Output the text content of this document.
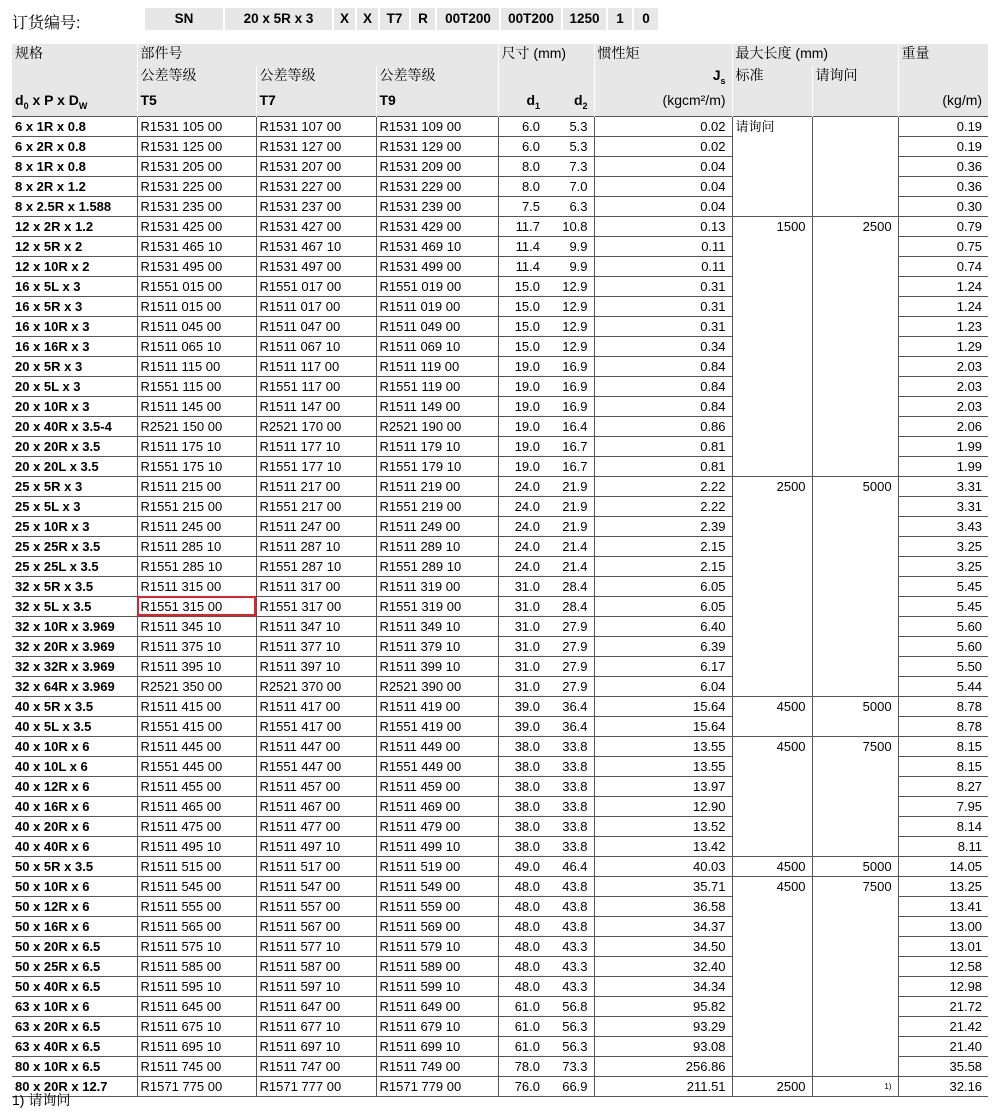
订货编号:	SN	20 x 5R x 3	X	X	T7	R	00T200	00T200	1250	1	0
规格	部件号			尺寸 (mm)		惯性矩	最大长度 (mm)		重量
	公差等级	公差等级	公差等级			$J_s$	标准	请询问	
$d_0$ x P x $D_W$	T5	T7	T9	$d_1$	$d_2$	(kgcm²/m)			(kg/m)
6 x 1R x 0.8	R1531 105 00	R1531 107 00	R1531 109 00	6.0	5.3	0.02	请询问		0.19
6 x 2R x 0.8	R1531 125 00	R1531 127 00	R1531 129 00	6.0	5.3	0.02			0.19
8 x 1R x 0.8	R1531 205 00	R1531 207 00	R1531 209 00	8.0	7.3	0.04			0.36
8 x 2R x 1.2	R1531 225 00	R1531 227 00	R1531 229 00	8.0	7.0	0.04			0.36
8 x 2.5R x 1.588	R1531 235 00	R1531 237 00	R1531 239 00	7.5	6.3	0.04			0.30
12 x 2R x 1.2	R1531 425 00	R1531 427 00	R1531 429 00	11.7	10.8	0.13	1500	2500	0.79
12 x 5R x 2	R1531 465 10	R1531 467 10	R1531 469 10	11.4	9.9	0.11			0.75
12 x 10R x 2	R1531 495 00	R1531 497 00	R1531 499 00	11.4	9.9	0.11			0.74
16 x 5L x 3	R1551 015 00	R1551 017 00	R1551 019 00	15.0	12.9	0.31			1.24
16 x 5R x 3	R1511 015 00	R1511 017 00	R1511 019 00	15.0	12.9	0.31			1.24
16 x 10R x 3	R1511 045 00	R1511 047 00	R1511 049 00	15.0	12.9	0.31			1.23
16 x 16R x 3	R1511 065 10	R1511 067 10	R1511 069 10	15.0	12.9	0.34			1.29
20 x 5R x 3	R1511 115 00	R1511 117 00	R1511 119 00	19.0	16.9	0.84			2.03
20 x 5L x 3	R1551 115 00	R1551 117 00	R1551 119 00	19.0	16.9	0.84			2.03
20 x 10R x 3	R1511 145 00	R1511 147 00	R1511 149 00	19.0	16.9	0.84			2.03
20 x 40R x 3.5-4	R2521 150 00	R2521 170 00	R2521 190 00	19.0	16.4	0.86			2.06
20 x 20R x 3.5	R1511 175 10	R1511 177 10	R1511 179 10	19.0	16.7	0.81			1.99
20 x 20L x 3.5	R1551 175 10	R1551 177 10	R1551 179 10	19.0	16.7	0.81			1.99
25 x 5R x 3	R1511 215 00	R1511 217 00	R1511 219 00	24.0	21.9	2.22	2500	5000	3.31
25 x 5L x 3	R1551 215 00	R1551 217 00	R1551 219 00	24.0	21.9	2.22			3.31
25 x 10R x 3	R1511 245 00	R1511 247 00	R1511 249 00	24.0	21.9	2.39			3.43
25 x 25R x 3.5	R1511 285 10	R1511 287 10	R1511 289 10	24.0	21.4	2.15			3.25
25 x 25L x 3.5	R1551 285 10	R1551 287 10	R1551 289 10	24.0	21.4	2.15			3.25
32 x 5R x 3.5	R1511 315 00	R1511 317 00	R1511 319 00	31.0	28.4	6.05			5.45
32 x 5L x 3.5	R1551 315 00	R1551 317 00	R1551 319 00	31.0	28.4	6.05			5.45
32 x 10R x 3.969	R1511 345 10	R1511 347 10	R1511 349 10	31.0	27.9	6.40			5.60
32 x 20R x 3.969	R1511 375 10	R1511 377 10	R1511 379 10	31.0	27.9	6.39			5.60
32 x 32R x 3.969	R1511 395 10	R1511 397 10	R1511 399 10	31.0	27.9	6.17			5.50
32 x 64R x 3.969	R2521 350 00	R2521 370 00	R2521 390 00	31.0	27.9	6.04			5.44
40 x 5R x 3.5	R1511 415 00	R1511 417 00	R1511 419 00	39.0	36.4	15.64	4500	5000	8.78
40 x 5L x 3.5	R1551 415 00	R1551 417 00	R1551 419 00	39.0	36.4	15.64			8.78
40 x 10R x 6	R1511 445 00	R1511 447 00	R1511 449 00	38.0	33.8	13.55	4500	7500	8.15
40 x 10L x 6	R1551 445 00	R1551 447 00	R1551 449 00	38.0	33.8	13.55			8.15
40 x 12R x 6	R1511 455 00	R1511 457 00	R1511 459 00	38.0	33.8	13.97			8.27
40 x 16R x 6	R1511 465 00	R1511 467 00	R1511 469 00	38.0	33.8	12.90			7.95
40 x 20R x 6	R1511 475 00	R1511 477 00	R1511 479 00	38.0	33.8	13.52			8.14
40 x 40R x 6	R1511 495 10	R1511 497 10	R1511 499 10	38.0	33.8	13.42			8.11
50 x 5R x 3.5	R1511 515 00	R1511 517 00	R1511 519 00	49.0	46.4	40.03	4500	5000	14.05
50 x 10R x 6	R1511 545 00	R1511 547 00	R1511 549 00	48.0	43.8	35.71	4500	7500	13.25
50 x 12R x 6	R1511 555 00	R1511 557 00	R1511 559 00	48.0	43.8	36.58			13.41
50 x 16R x 6	R1511 565 00	R1511 567 00	R1511 569 00	48.0	43.8	34.37			13.00
50 x 20R x 6.5	R1511 575 10	R1511 577 10	R1511 579 10	48.0	43.3	34.50			13.01
50 x 25R x 6.5	R1511 585 00	R1511 587 00	R1511 589 00	48.0	43.3	32.40			12.58
50 x 40R x 6.5	R1511 595 10	R1511 597 10	R1511 599 10	48.0	43.3	34.34			12.98
63 x 10R x 6	R1511 645 00	R1511 647 00	R1511 649 00	61.0	56.8	95.82			21.72
63 x 20R x 6.5	R1511 675 10	R1511 677 10	R1511 679 10	61.0	56.3	93.29			21.42
63 x 40R x 6.5	R1511 695 10	R1511 697 10	R1511 699 10	61.0	56.3	93.08			21.40
80 x 10R x 6.5	R1511 745 00	R1511 747 00	R1511 749 00	78.0	73.3	256.86			35.58
80 x 20R x 12.7	R1571 775 00	R1571 777 00	R1571 779 00	76.0	66.9	211.51	2500	1)	32.16
1) 请询问
